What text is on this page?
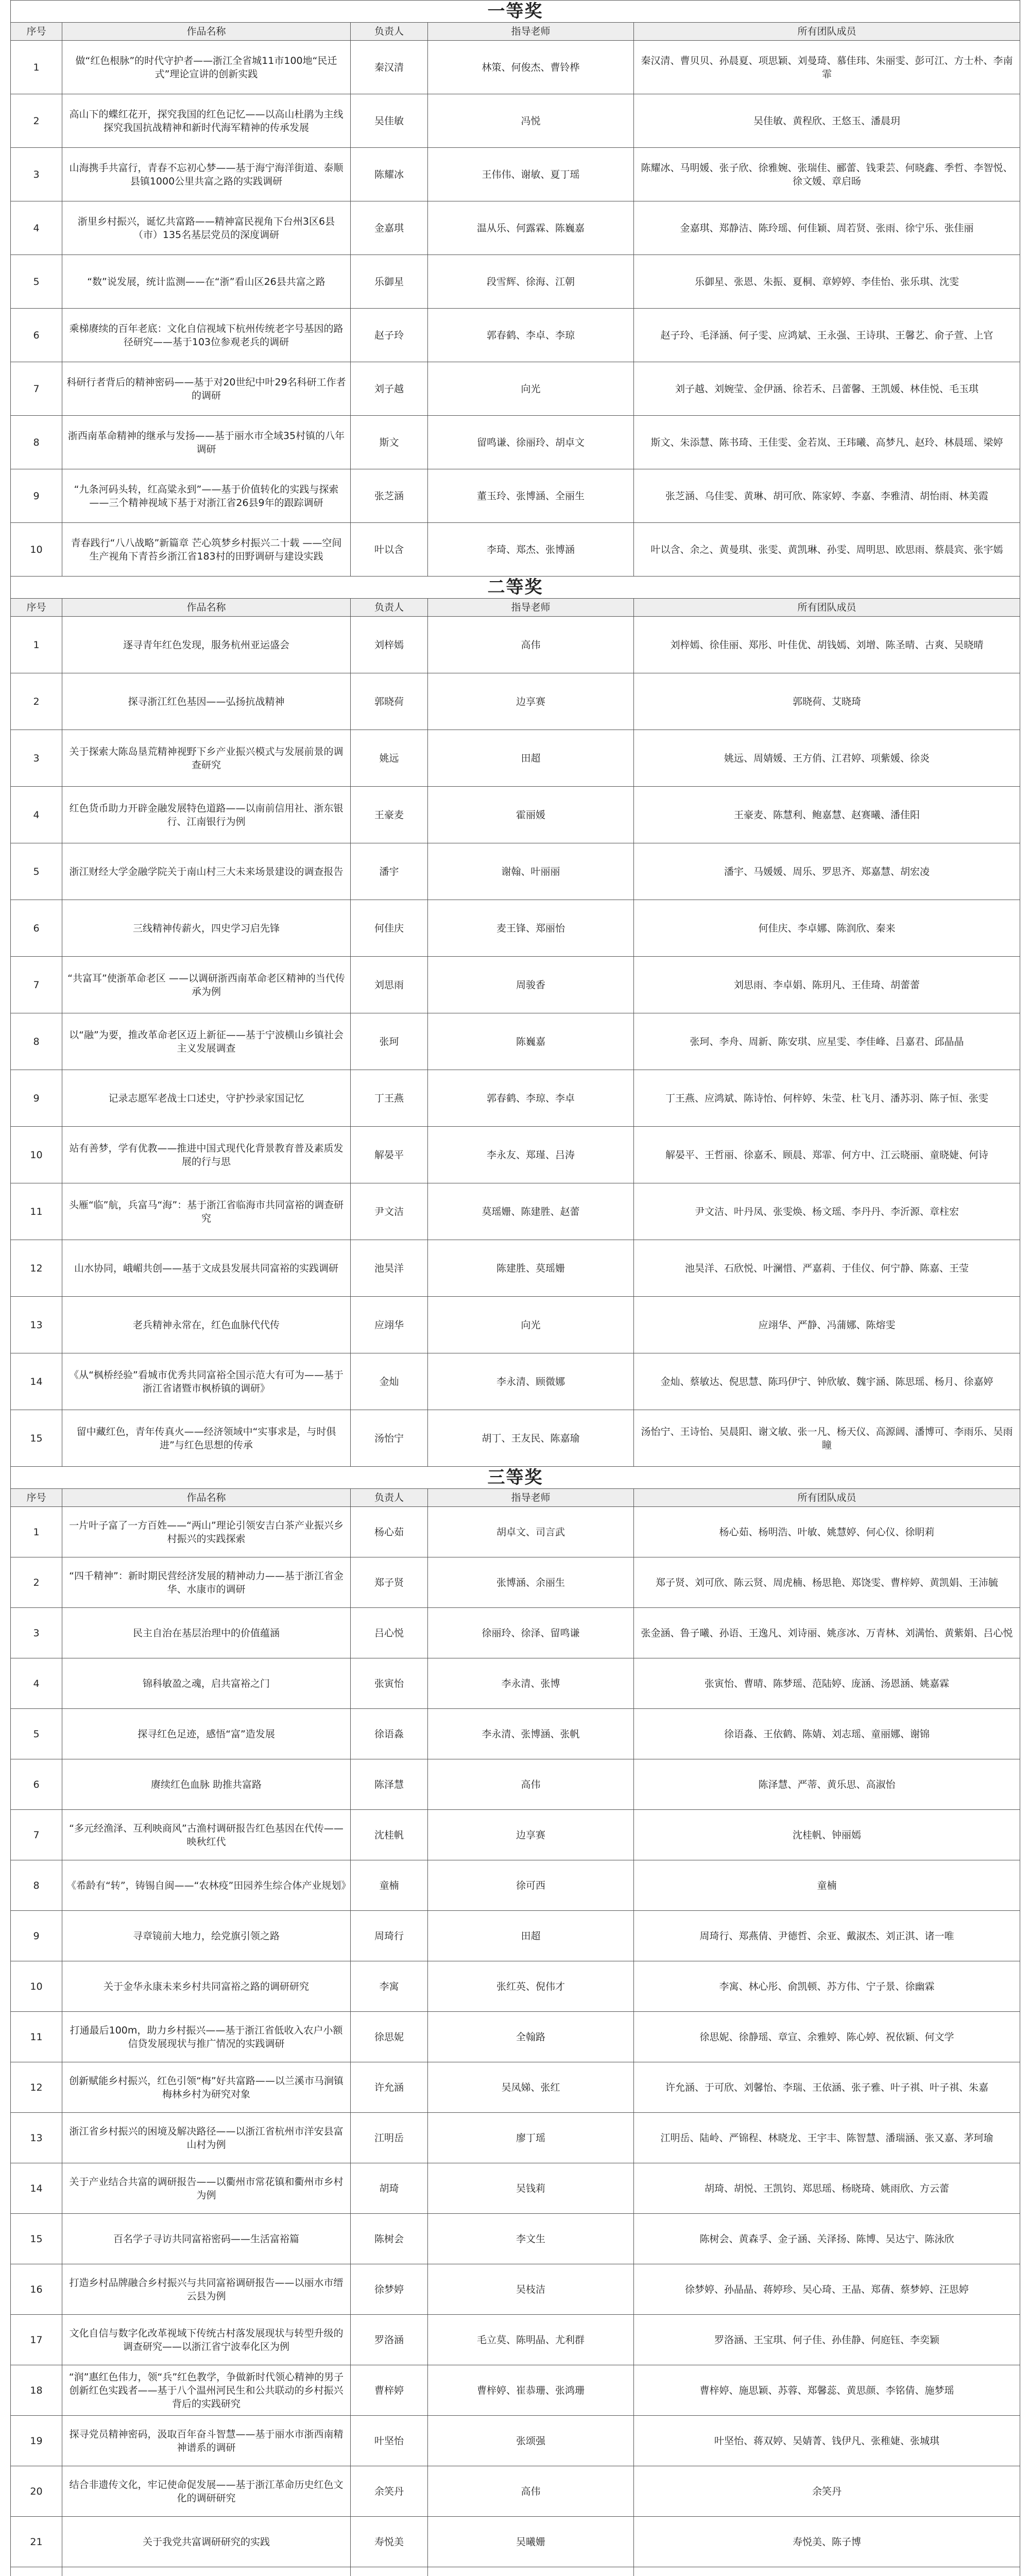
一等奖				
序号	作品名称	负责人	指导老师	所有团队成员
1	做“红色根脉”的时代守护者——浙江全省城11市100地“民迁式”理论宣讲的创新实践	秦汉清	林策、何俊杰、曹铃桦	秦汉清、曹贝贝、孙晨夏、项思颖、刘曼琦、慕佳玮、朱丽雯、彭可江、方士朴、李南霏
2	高山下的蝶红花开，探究我国的红色记忆——以高山杜鹃为主线探究我国抗战精神和新时代海军精神的传承发展	吴佳敏	冯悦	吴佳敏、黄程欣、王悠玉、潘晨玥
3	山海携手共富行，青春不忘初心梦——基于海宁海洋街道、泰顺县镇1000公里共富之路的实践调研	陈耀冰	王伟伟、谢敏、夏丁瑶	陈耀冰、马明媛、张子欣、徐雅婉、张瑞佳、郦蕾、钱秉芸、何晓鑫、季哲、李智悦、徐文媛、章启旸
4	浙里乡村振兴，诞忆共富路——精神富民视角下台州3区6县（市）135名基层党员的深度调研	金嘉琪	温从乐、何露霖、陈巍嘉	金嘉琪、郑静洁、陈玲瑶、何佳颖、周若贤、张雨、徐宁乐、张佳丽
5	“数”说发展，统计监测——在“浙”看山区26县共富之路	乐御星	段雪辉、徐海、江朝	乐御星、张恩、朱振、夏桐、章婷婷、李佳怡、张乐琪、沈雯
6	乘梯赓续的百年老底：文化自信视域下杭州传统老字号基因的路径研究——基于103位参观老兵的调研	赵子玲	郭春鹤、李卓、李琼	赵子玲、毛泽涵、何子雯、应鸿斌、王永强、王诗琪、王馨艺、俞子萱、上官
7	科研行者背后的精神密码——基于对20世纪中叶29名科研工作者的调研	刘子越	向光	刘子越、刘婉莹、金伊涵、徐若禾、吕蕾馨、王凯媛、林佳悦、毛玉琪
8	浙西南革命精神的继承与发扬——基于丽水市全域35村镇的八年调研	斯文	留鸣谦、徐丽玲、胡卓文	斯文、朱添慧、陈书琦、王佳雯、金若岚、王玮曦、高梦凡、赵玲、林晨瑶、梁婷
9	“九条河码头转，红高粱永到”——基于价值转化的实践与探索——三个精神视域下基于对浙江省26县9年的跟踪调研	张芝涵	董玉玲、张博涵、全丽生	张芝涵、乌佳雯、黄琳、胡可欣、陈家婷、李嘉、李雅清、胡怡雨、林美霞
10	青春践行“八八战略”新篇章 芒心筑梦乡村振兴二十载 ——空间生产视角下青苔乡浙江省183村的田野调研与建设实践	叶以含	李琦、郑杰、张博涵	叶以含、余之、黄曼琪、张雯、黄凯琳、孙雯、周明思、欧思雨、蔡晨宾、张宇嫣
二等奖				
序号	作品名称	负责人	指导老师	所有团队成员
1	逐寻青年红色发现，服务杭州亚运盛会	刘梓嫣	高伟	刘梓嫣、徐佳丽、郑彤、叶佳优、胡钱嫣、刘增、陈圣晴、古爽、吴晓晴
2	探寻浙江红色基因——弘扬抗战精神	郭晓荷	边享赛	郭晓荷、艾晓琦
3	关于探索大陈岛垦荒精神视野下乡产业振兴模式与发展前景的调查研究	姚远	田超	姚远、周婧媛、王方俏、江君婷、项紫媛、徐炎
4	红色货币助力开辟金融发展特色道路——以南前信用社、浙东银行、江南银行为例	王豪麦	霍丽媛	王豪麦、陈慧利、鲍嘉慧、赵赛曦、潘佳阳
5	浙江财经大学金融学院关于南山村三大未来场景建设的调查报告	潘宇	谢翰、叶丽丽	潘宇、马媛媛、周乐、罗思齐、郑嘉慧、胡宏凌
6	三线精神传薪火，四史学习启先锋	何佳庆	麦王锋、郑丽怡	何佳庆、李卓娜、陈润欣、秦来
7	“共富耳”使浙革命老区 ——以调研浙西南革命老区精神的当代传承为例	刘思雨	周骏香	刘思雨、李卓娟、陈玥凡、王佳琦、胡蕾蕾
8	以“融”为要，推改革命老区迈上新征——基于宁波横山乡镇社会主义发展调查	张珂	陈巍嘉	张珂、李舟、周新、陈安琪、应星雯、李佳峰、吕嘉君、邱晶晶
9	记录志愿军老战士口述史，守护抄录家国记忆	丁王燕	郭春鹤、李琼、李卓	丁王燕、应鸿斌、陈诗怡、何梓婷、朱莹、杜飞月、潘苏羽、陈子恒、张雯
10	站有善梦，学有优教——推进中国式现代化背景教育普及素质发展的行与思	解晏平	李永友、郑瑾、吕涛	解晏平、王哲丽、徐嘉禾、顾晨、郑霏、何方中、江云晓丽、童晓婕、何诗
11	头雁“临”航，兵富马“海”：基于浙江省临海市共同富裕的调查研究	尹文洁	莫瑶姗、陈建胜、赵蕾	尹文洁、叶丹凤、张雯焕、杨文瑶、李丹丹、李沂源、章柱宏
12	山水协同，峨嵋共创——基于文成县发展共同富裕的实践调研	池昊洋	陈建胜、莫瑶姗	池昊洋、石欣悦、叶澜惜、严嘉莉、于佳仪、何宁静、陈嘉、王莹
13	老兵精神永常在，红色血脉代代传	应翊华	向光	应翊华、严静、冯蒲娜、陈熔雯
14	《从“枫桥经验”看城市优秀共同富裕全国示范大有可为——基于浙江省诸暨市枫桥镇的调研》	金灿	李永清、顾微娜	金灿、蔡敏达、倪思慧、陈玛伊宁、钟欣敏、魏宇涵、陈思瑶、杨月、徐嘉婷
15	留中藏红色，青年传真火——经济领域中“实事求是，与时俱进”与红色思想的传承	汤怡宁	胡丁、王友民、陈嘉瑜	汤怡宁、王诗怡、吴晨阳、谢文敏、张一凡、杨天仪、高源阔、潘博可、李雨乐、吴雨瞳
三等奖				
序号	作品名称	负责人	指导老师	所有团队成员
1	一片叶子富了一方百姓——“两山”理论引领安吉白茶产业振兴乡村振兴的实践探索	杨心茹	胡卓文、司言武	杨心茹、杨明浩、叶敏、姚慧婷、何心仪、徐眀莉
2	“四千精神”：新时期民营经济发展的精神动力——基于浙江省金华、水康市的调研	郑子贤	张博涵、余丽生	郑子贤、刘可欣、陈云贤、周虎楠、杨思艳、郑饶雯、曹梓婷、黄凯娟、王沛毓
3	民主自治在基层治理中的价值蕴涵	吕心悦	徐丽玲、徐泽、留鸣谦	张金涵、鲁子曦、孙语、王逸凡、刘诗丽、姚彦冰、万青林、刘满怡、黄紫娟、吕心悦
4	锦科敏盈之魂，启共富裕之门	张寅怡	李永清、张博	张寅怡、曹晴、陈梦瑶、范陆婷、庞涵、汤恩涵、姚嘉霖
5	探寻红色足迹，感悟“富”造发展	徐语淼	李永清、张博涵、张帆	徐语淼、王依鹤、陈婧、刘志瑶、童丽娜、谢锦
6	赓续红色血脉 助推共富路	陈泽慧	高伟	陈泽慧、严蒂、黄乐思、高淑怡
7	“多元经渔泽、互利映商风”古渔村调研报告红色基因在代传——映秋红代	沈桂帆	边享赛	沈桂帆、钟丽嫣
8	《希龄有“转”，铸锡自闽——“农林疫”田园养生综合体产业规划》	童楠	徐可西	童楠
9	寻章镜前大地力，绘党旗引领之路	周琦行	田超	周琦行、郑燕倩、尹德哲、余亚、戴淑杰、刘正淇、诸一唯
10	关于金华永康未来乡村共同富裕之路的调研研究	李寓	张红英、倪伟才	李寓、林心彤、俞凯顿、苏方伟、宁子景、徐幽霖
11	打通最后100m，助力乡村振兴——基于浙江省低收入农户小额信贷发展现状与推广情况的实践调研	徐思妮	全翰路	徐思妮、徐静瑶、章宣、余雅婷、陈心婷、祝依颖、何文学
12	创新赋能乡村振兴，红色引领“梅”好共富路——以兰溪市马涧镇梅林乡村为研究对象	许允涵	吴凤娣、张红	许允涵、于可欣、刘馨怡、李瑞、王依涵、张子雅、叶子祺、叶子祺、朱嘉
13	浙江省乡村振兴的困境及解决路径——以浙江省杭州市洋安县富山村为例	江明岳	廖丁瑶	江明岳、陆岭、严锦程、林晓龙、王宇丰、陈智慧、潘瑞涵、张又嘉、茅珂瑜
14	关于产业结合共富的调研报告——以衢州市常花镇和衢州市乡村为例	胡琦	吴钱莉	胡琦、胡悦、王凯钧、郑思瑶、杨晓琦、姚雨欣、方云蕾
15	百名学子寻访共同富裕密码——生活富裕篇	陈树会	李文生	陈树会、黄森孚、金子涵、关泽扬、陈博、吴达宁、陈泳欣
16	打造乡村品牌融合乡村振兴与共同富裕调研报告——以丽水市缙云县为例	徐梦婷	吴枝洁	徐梦婷、孙晶晶、蒋婷珍、吴心琦、王晶、郑蒨、蔡梦婷、汪思婷
17	文化自信与数字化改革视域下传统古村落发展现状与转型升级的调查研究——以浙江省宁波奉化区为例	罗洛涵	毛立莫、陈明晶、尤利群	罗洛涵、王宝琪、何子佳、孙佳静、何庭钰、李奕颖
18	“润”惠红色伟力，领“兵”红色教学，争做新时代领心精神的男子创新红色实践者——基于八个温州河民生和公共联动的乡村振兴背后的实践研究	曹梓婷	曹梓婷、崔恭珊、张鸿珊	曹梓婷、施思颖、苏蓉、郑馨蕊、黄思颜、李铭倩、施梦瑶
19	探寻党员精神密码，汲取百年奋斗智慧——基于丽水市浙西南精神谱系的调研	叶坚怡	张颂强	叶坚怡、蒋双婷、吴婧菁、钱伊凡、张稚婕、张城琪
20	结合非遗传文化，牢记使命促发展——基于浙江革命历史红色文化的调研研究	余笑丹	高伟	余笑丹
21	关于我党共富调研研究的实践	寿悦美	吴曦姗	寿悦美、陈子博
